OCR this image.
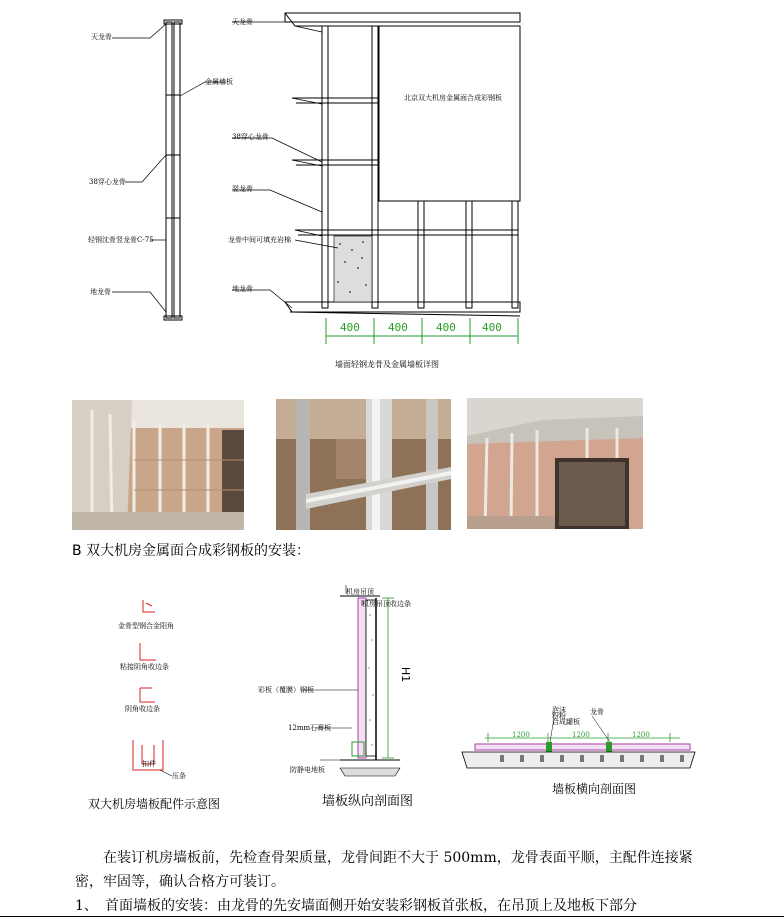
天龙骨
金属墙板
38穿心龙骨
轻钢沈骨竖龙骨C-75
地龙骨
天龙骨
38穿心龙骨
竖龙骨
龙骨中间可填充岩棉
地龙骨
北京双大机房金属面合成彩钢板
400	400	400 400
墙面轻钢龙骨及金属墙板详图
B 双大机房金属面合成彩钢板的安装：
金骨型钢合金阳角
粘接阴角收边条
阴角收边条
扣件
压条
双大机房墙板配件示意图
机房吊顶
机房吊顶收边条
彩板（覆膜）钢板
12mm石膏板
防静电地板
H1
墙板纵向剖面图
泡沫
粉粉
合成罐板
龙骨
1200	1200	1200
墙板横向剖面图
在装订机房墙板前，先检查骨架质量，龙骨间距不大于 500mm，龙骨表面平顺，主配件连接紧密，牢固等，确认合格方可装订。
1、 首面墙板的安装：由龙骨的先安墙面侧开始安装彩钢板首张板，在吊顶上及地板下部分
